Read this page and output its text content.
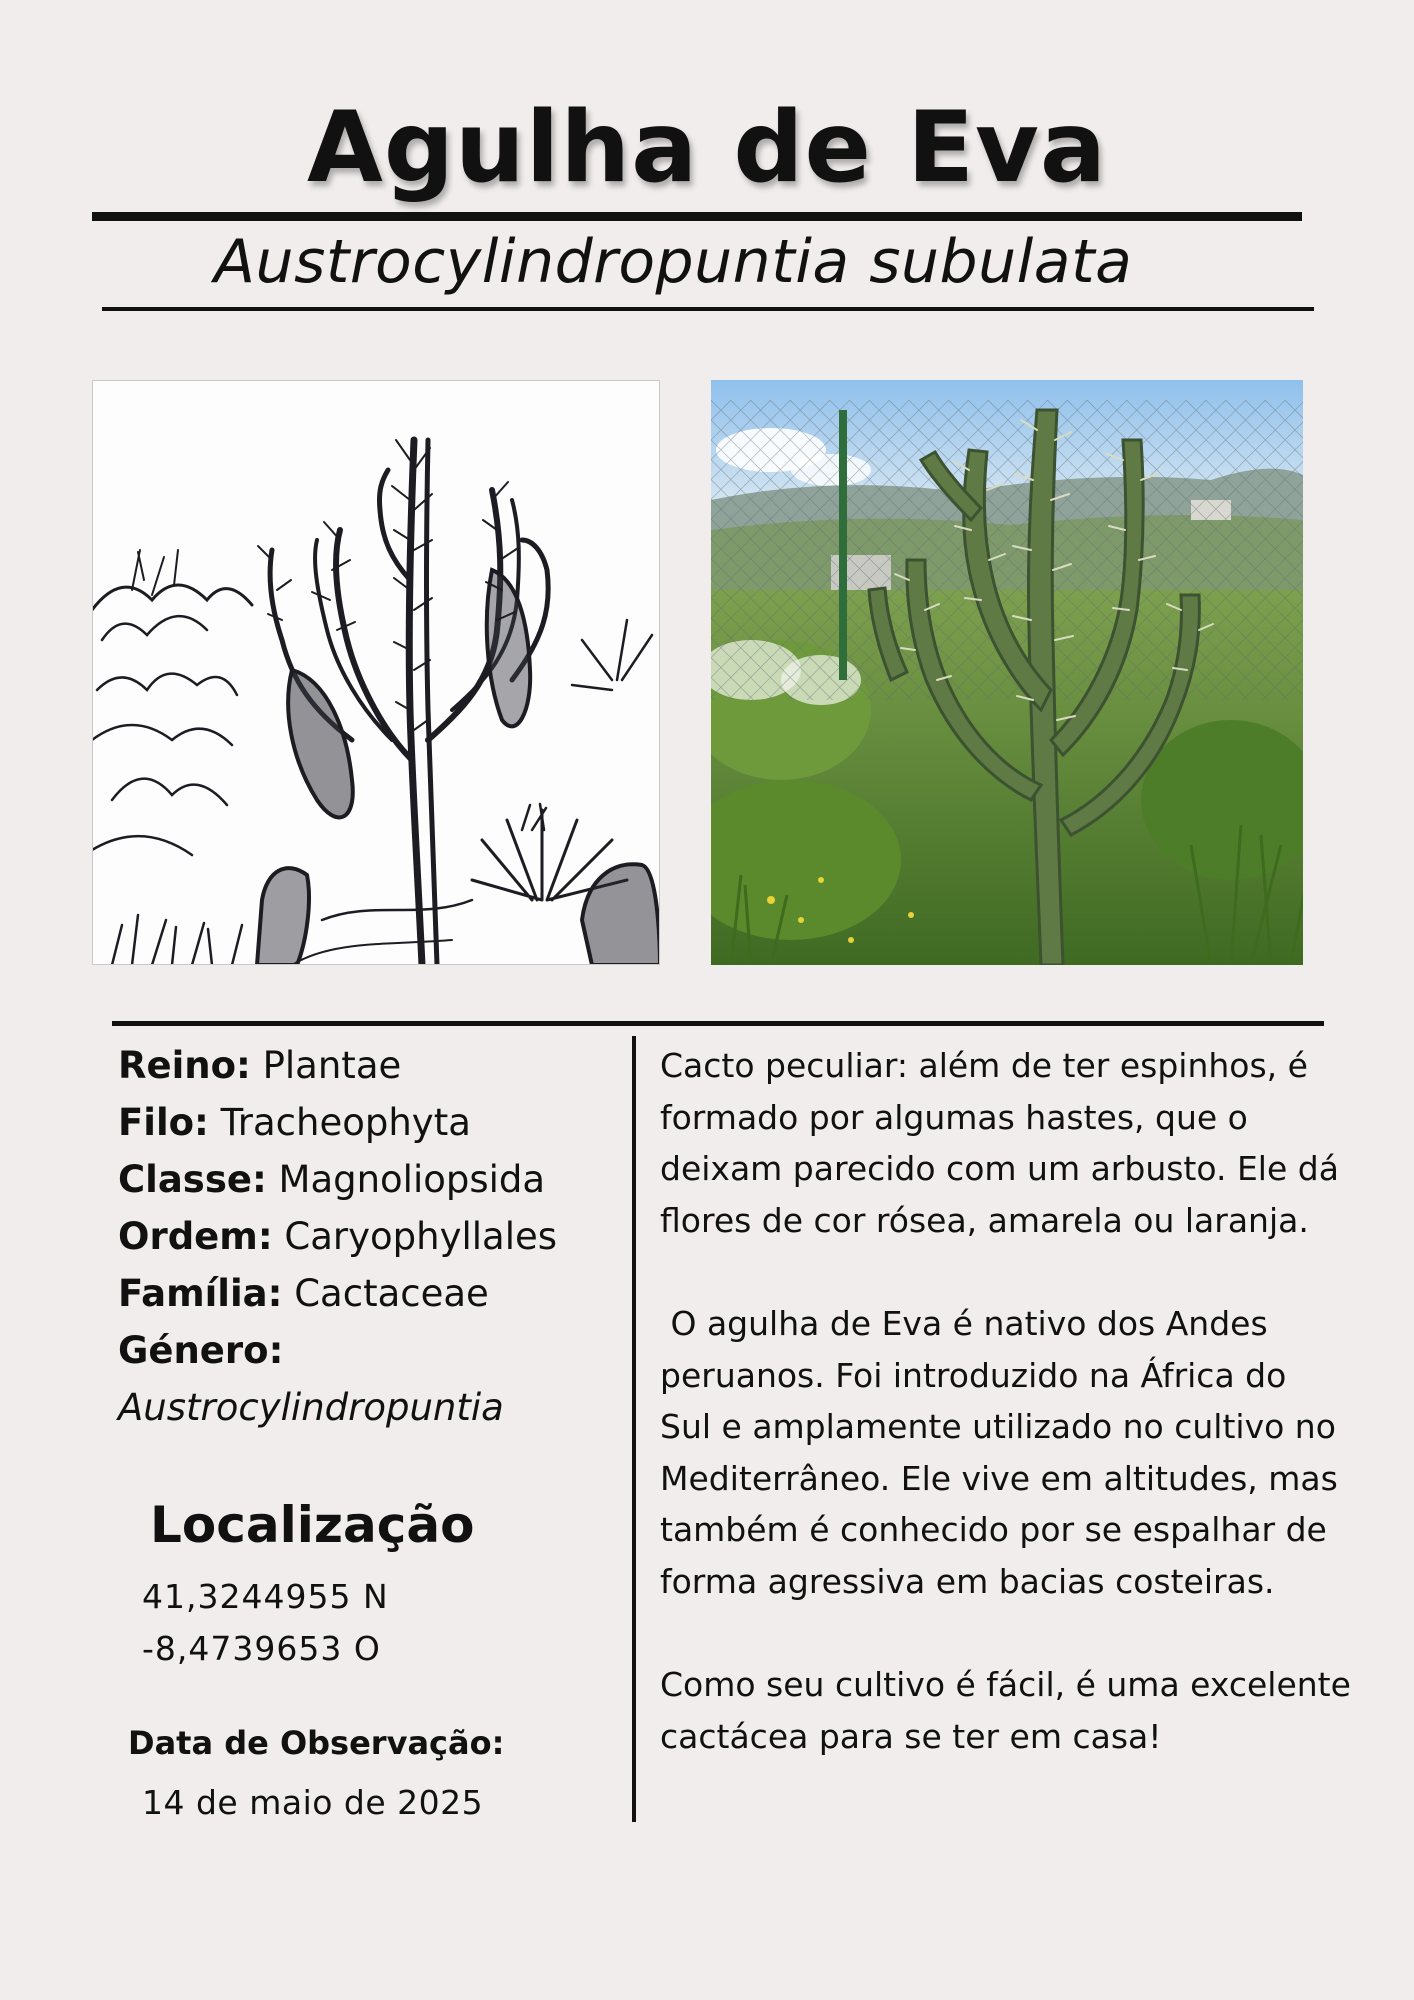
Agulha de Eva
Austrocylindropuntia subulata
Reino: Plantae
Filo: Tracheophyta
Classe: Magnoliopsida
Ordem: Caryophyllales
Família: Cactaceae
Género:
Austrocylindropuntia
Localização
41,3244955 N
-8,4739653 O
Data de Observação:
14 de maio de 2025
Cacto peculiar: além de ter espinhos, é
formado por algumas hastes, que o
deixam parecido com um arbusto. Ele dá
flores de cor rósea, amarela ou laranja.
O agulha de Eva é nativo dos Andes
peruanos. Foi introduzido na África do
Sul e amplamente utilizado no cultivo no
Mediterrâneo. Ele vive em altitudes, mas
também é conhecido por se espalhar de
forma agressiva em bacias costeiras.
Como seu cultivo é fácil, é uma excelente
cactácea para se ter em casa!
